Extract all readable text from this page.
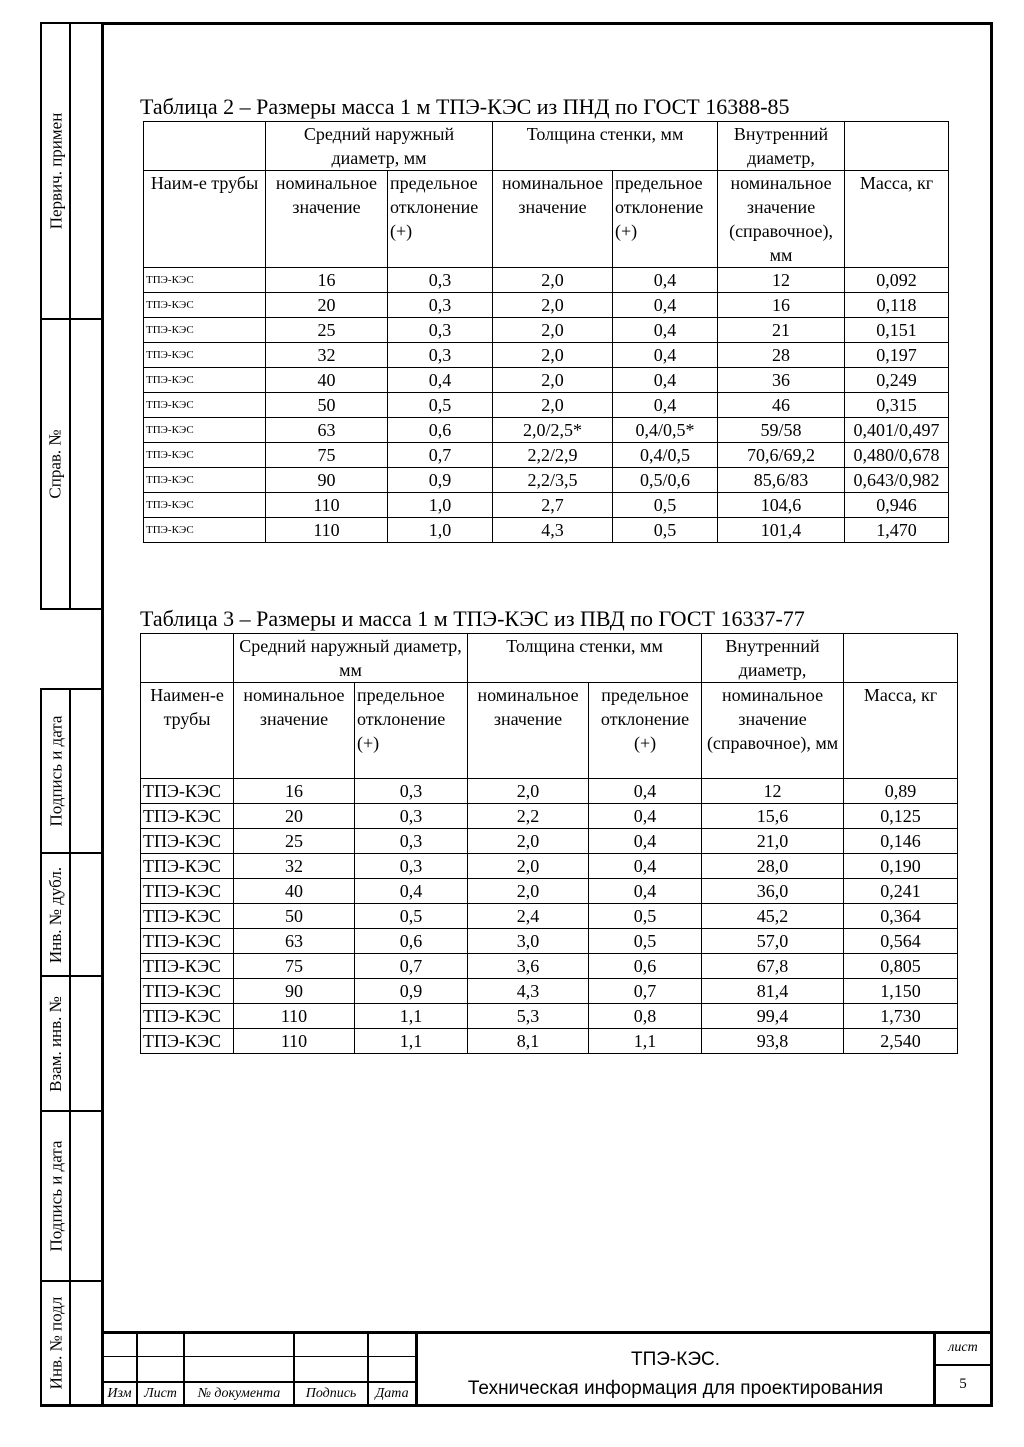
Первич. примен
Справ. №
Подпись и дата
Инв. № дубл.
Взам. инв. №
Подпись и дата
Инв. № подл
Таблица 2 – Размеры масса 1 м ТПЭ-КЭС из ПНД по ГОСТ 16388-85
	Средний наружный диаметр, мм		Толщина стенки, мм		Внутренний диаметр,	
Наим-е трубы	номинальное значение	предельное отклонение (+)	номинальное значение	предельное отклонение (+)	номинальное значение (справочное), мм	Масса, кг
ТПЭ-КЭС	16	0,3	2,0	0,4	12	0,092
ТПЭ-КЭС	20	0,3	2,0	0,4	16	0,118
ТПЭ-КЭС	25	0,3	2,0	0,4	21	0,151
ТПЭ-КЭС	32	0,3	2,0	0,4	28	0,197
ТПЭ-КЭС	40	0,4	2,0	0,4	36	0,249
ТПЭ-КЭС	50	0,5	2,0	0,4	46	0,315
ТПЭ-КЭС	63	0,6	2,0/2,5*	0,4/0,5*	59/58	0,401/0,497
ТПЭ-КЭС	75	0,7	2,2/2,9	0,4/0,5	70,6/69,2	0,480/0,678
ТПЭ-КЭС	90	0,9	2,2/3,5	0,5/0,6	85,6/83	0,643/0,982
ТПЭ-КЭС	110	1,0	2,7	0,5	104,6	0,946
ТПЭ-КЭС	110	1,0	4,3	0,5	101,4	1,470
Таблица 3 – Размеры и масса 1 м ТПЭ-КЭС из ПВД по ГОСТ 16337-77
	Средний наружный диаметр, мм		Толщина стенки, мм		Внутренний диаметр,	
Наимен-е трубы	номинальное значение	предельное отклонение (+)	номинальное значение	предельное отклонение (+)	номинальное значение (справочное), мм	Масса, кг
ТПЭ-КЭС	16	0,3	2,0	0,4	12	0,89
ТПЭ-КЭС	20	0,3	2,2	0,4	15,6	0,125
ТПЭ-КЭС	25	0,3	2,0	0,4	21,0	0,146
ТПЭ-КЭС	32	0,3	2,0	0,4	28,0	0,190
ТПЭ-КЭС	40	0,4	2,0	0,4	36,0	0,241
ТПЭ-КЭС	50	0,5	2,4	0,5	45,2	0,364
ТПЭ-КЭС	63	0,6	3,0	0,5	57,0	0,564
ТПЭ-КЭС	75	0,7	3,6	0,6	67,8	0,805
ТПЭ-КЭС	90	0,9	4,3	0,7	81,4	1,150
ТПЭ-КЭС	110	1,1	5,3	0,8	99,4	1,730
ТПЭ-КЭС	110	1,1	8,1	1,1	93,8	2,540
Изм Лист	№ документа	Подпись	Дата
ТПЭ-КЭС.
Техническая информация для проектирования
лист
5
